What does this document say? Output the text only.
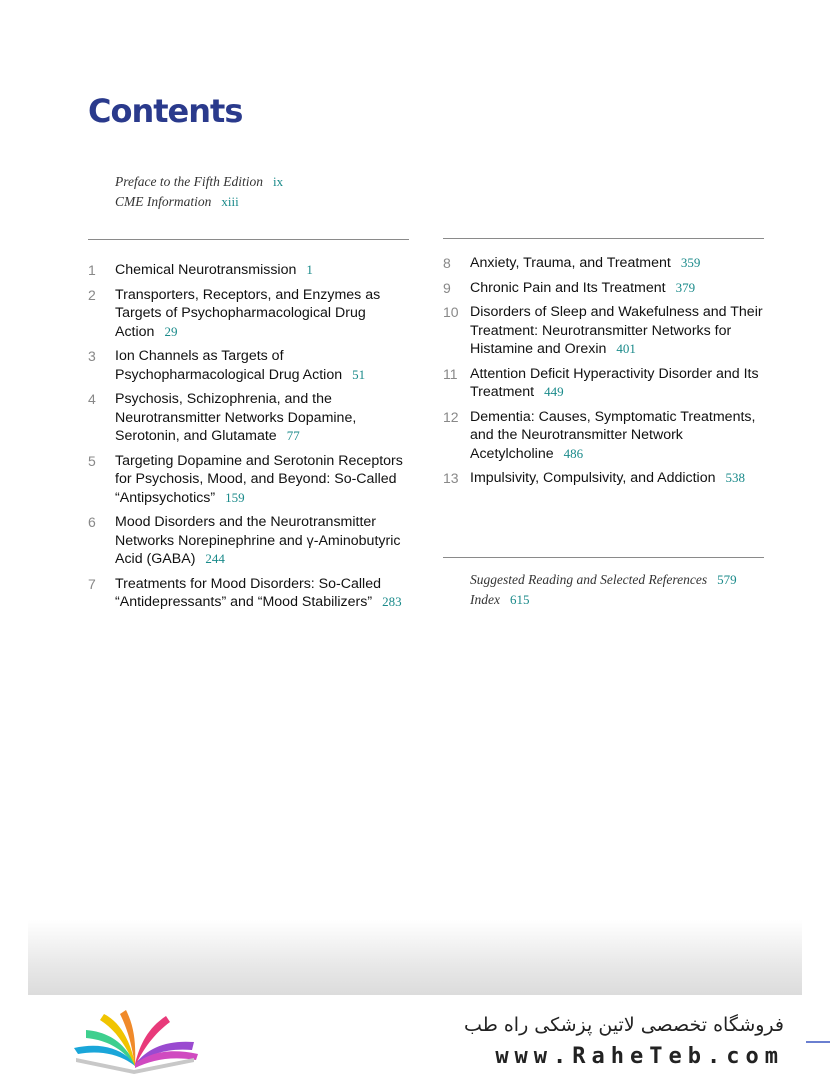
Contents
Preface to the Fifth Edition ix
CME Information xiii
1 Chemical Neurotransmission 1
2 Transporters, Receptors, and Enzymes as Targets of Psychopharmacological Drug Action 29
3 Ion Channels as Targets of Psychopharmacological Drug Action 51
4 Psychosis, Schizophrenia, and the Neurotransmitter Networks Dopamine, Serotonin, and Glutamate 77
5 Targeting Dopamine and Serotonin Receptors for Psychosis, Mood, and Beyond: So-Called “Antipsychotics” 159
6 Mood Disorders and the Neurotransmitter Networks Norepinephrine and γ-Aminobutyric Acid (GABA) 244
7 Treatments for Mood Disorders: So-Called “Antidepressants” and “Mood Stabilizers” 283
8 Anxiety, Trauma, and Treatment 359
9 Chronic Pain and Its Treatment 379
10 Disorders of Sleep and Wakefulness and Their Treatment: Neurotransmitter Networks for Histamine and Orexin 401
11 Attention Deficit Hyperactivity Disorder and Its Treatment 449
12 Dementia: Causes, Symptomatic Treatments, and the Neurotransmitter Network Acetylcholine 486
13 Impulsivity, Compulsivity, and Addiction 538
Suggested Reading and Selected References 579
Index 615
فروشگاه تخصصی لاتین پزشکی راه طب
www.RaheTeb.com
